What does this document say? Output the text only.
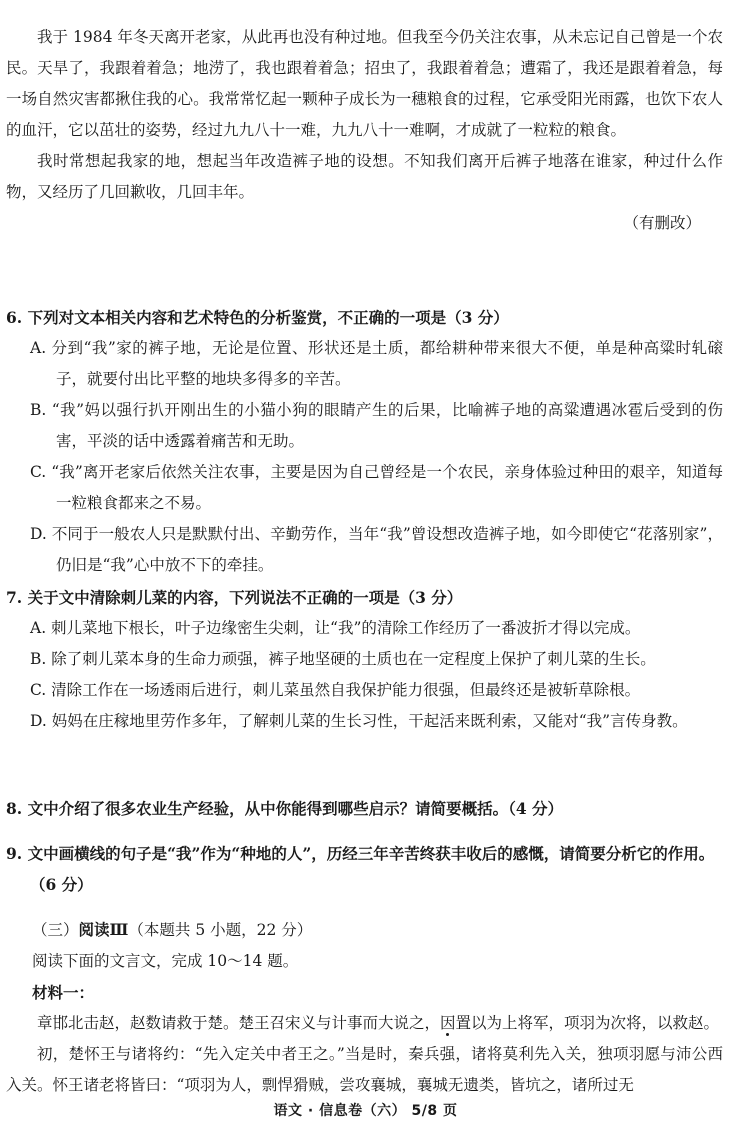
我于 1984 年冬天离开老家，从此再也没有种过地。但我至今仍关注农事，从未忘记自己曾是一个农民。天旱了，我跟着着急；地涝了，我也跟着着急；招虫了，我跟着着急；遭霜了，我还是跟着着急，每一场自然灾害都揪住我的心。我常常忆起一颗种子成长为一穗粮食的过程，它承受阳光雨露，也饮下农人的血汗，它以茁壮的姿势，经过九九八十一难，九九八十一难啊，才成就了一粒粒的粮食。

我时常想起我家的地，想起当年改造裤子地的设想。不知我们离开后裤子地落在谁家，种过什么作物，又经历了几回歉收，几回丰年。

（有删改）

6. 下列对文本相关内容和艺术特色的分析鉴赏，不正确的一项是（3 分）

A. 分到“我”家的裤子地，无论是位置、形状还是土质，都给耕种带来很大不便，单是种高粱时轧磙子，就要付出比平整的地块多得多的辛苦。

B. “我”妈以强行扒开刚出生的小猫小狗的眼睛产生的后果，比喻裤子地的高粱遭遇冰雹后受到的伤害，平淡的话中透露着痛苦和无助。

C. “我”离开老家后依然关注农事，主要是因为自己曾经是一个农民，亲身体验过种田的艰辛，知道每一粒粮食都来之不易。

D. 不同于一般农人只是默默付出、辛勤劳作，当年“我”曾设想改造裤子地，如今即使它“花落别家”，仍旧是“我”心中放不下的牵挂。

7. 关于文中清除刺儿菜的内容，下列说法不正确的一项是（3 分）

A. 刺儿菜地下根长，叶子边缘密生尖刺，让“我”的清除工作经历了一番波折才得以完成。

B. 除了刺儿菜本身的生命力顽强，裤子地坚硬的土质也在一定程度上保护了刺儿菜的生长。

C. 清除工作在一场透雨后进行，刺儿菜虽然自我保护能力很强，但最终还是被斩草除根。

D. 妈妈在庄稼地里劳作多年，了解刺儿菜的生长习性，干起活来既利索，又能对“我”言传身教。

8. 文中介绍了很多农业生产经验，从中你能得到哪些启示？请简要概括。（4 分）

9. 文中画横线的句子是“我”作为“种地的人”，历经三年辛苦终获丰收后的感慨，请简要分析它的作用。（6 分）

（三）阅读Ⅲ（本题共 5 小题，22 分）

阅读下面的文言文，完成 10～14 题。

材料一：

章邯北击赵，赵数请救于楚。楚王召宋义与计事而大说之，因置以为上将军，项羽为次将，以救赵。

初，楚怀王与诸将约：“先入定关中者王之。”当是时，秦兵强，诸将莫利先入关，独项羽愿与沛公西入关。怀王诸老将皆曰：“项羽为人，剽悍猾贼，尝攻襄城，襄城无遗类，皆坑之，诸所过无

语文 · 信息卷（六） 5/8 页
